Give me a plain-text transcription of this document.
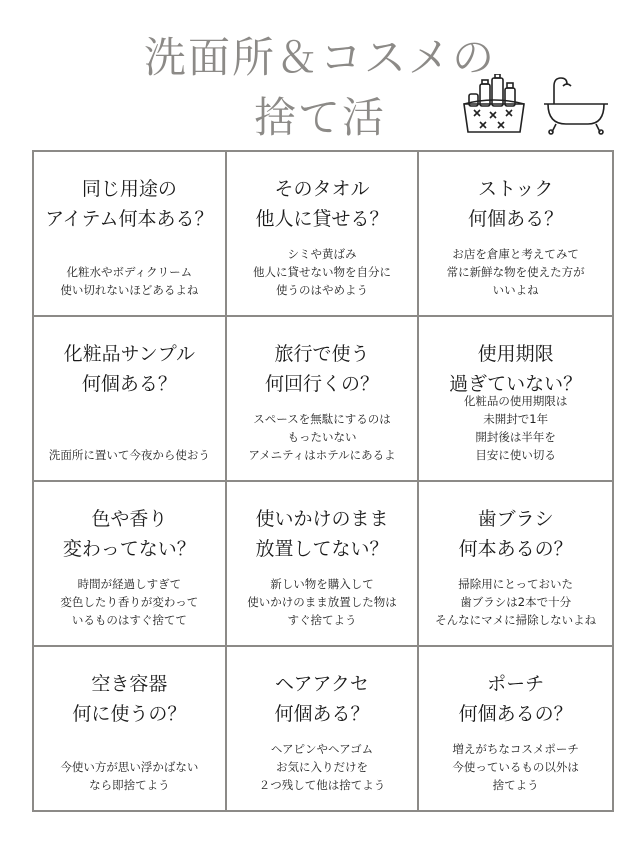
洗面所＆コスメの
捨て活
同じ用途の
アイテム何本ある？
化粧水やボディクリーム
使い切れないほどあるよね
そのタオル
他人に貸せる？
シミや黄ばみ
他人に貸せない物を自分に
使うのはやめよう
ストック
何個ある？
お店を倉庫と考えてみて
常に新鮮な物を使えた方が
いいよね
化粧品サンプル
何個ある？
洗面所に置いて今夜から使おう
旅行で使う
何回行くの？
スペースを無駄にするのは
もったいない
アメニティはホテルにあるよ
使用期限
過ぎていない？
化粧品の使用期限は
未開封で1年
開封後は半年を
目安に使い切る
色や香り
変わってない？
時間が経過しすぎて
変色したり香りが変わって
いるものはすぐ捨てて
使いかけのまま
放置してない？
新しい物を購入して
使いかけのまま放置した物は
すぐ捨てよう
歯ブラシ
何本あるの？
掃除用にとっておいた
歯ブラシは2本で十分
そんなにマメに掃除しないよね
空き容器
何に使うの？
今使い方が思い浮かばない
なら即捨てよう
ヘアアクセ
何個ある？
ヘアピンやヘアゴム
お気に入りだけを
２つ残して他は捨てよう
ポーチ
何個あるの？
増えがちなコスメポーチ
今使っているもの以外は
捨てよう
